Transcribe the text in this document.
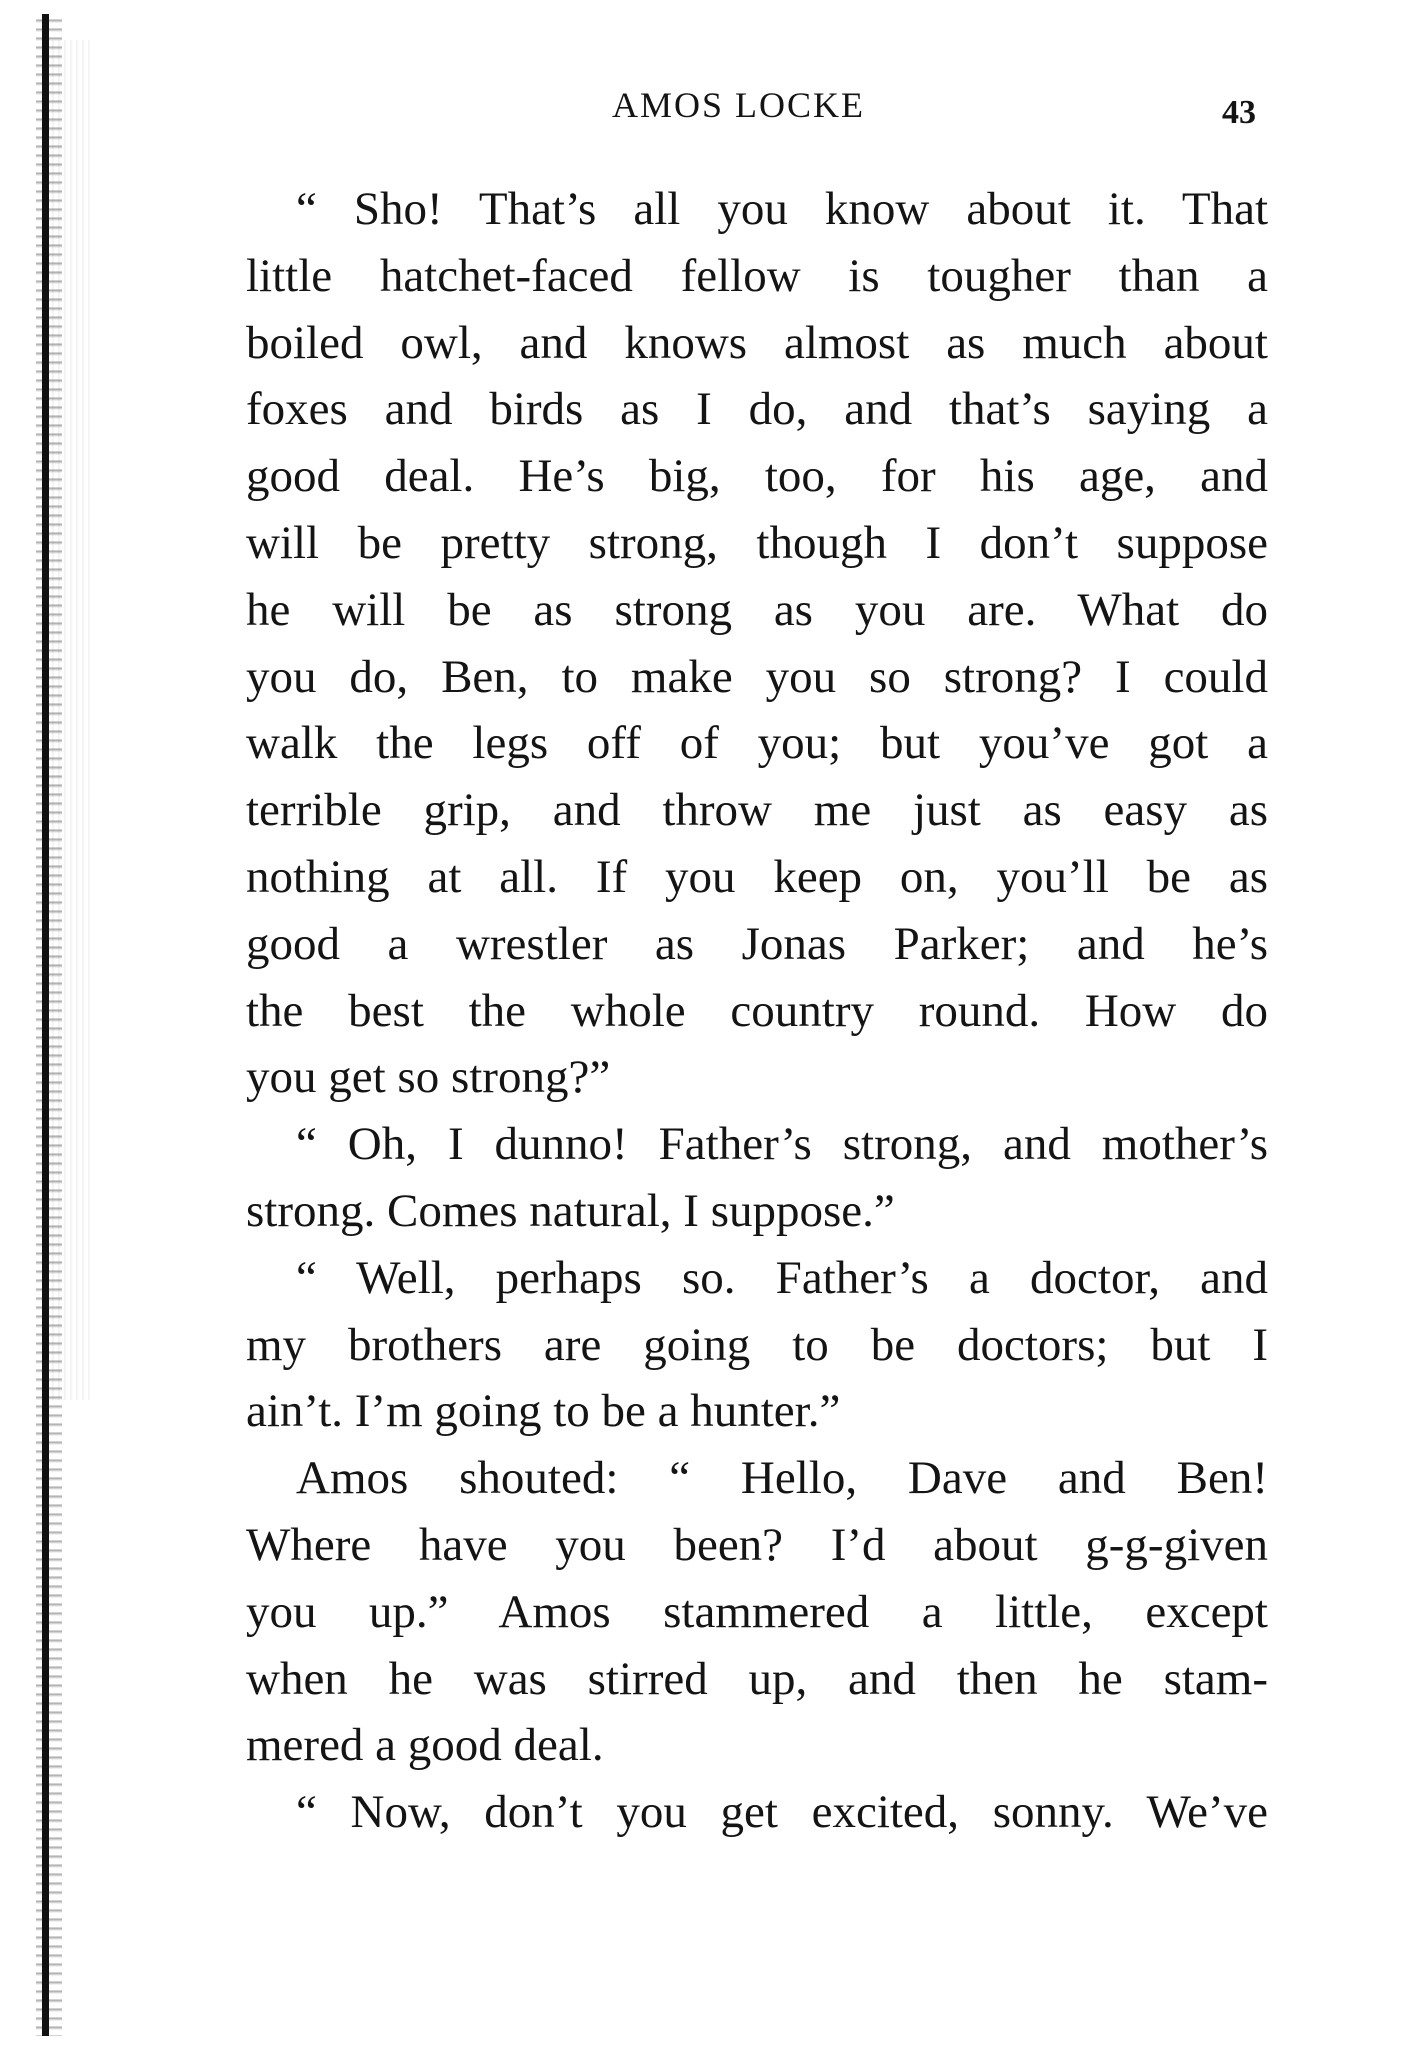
AMOS LOCKE	43
“ Sho! That’s all you know about it. That
little hatchet-faced fellow is tougher than a
boiled owl, and knows almost as much about
foxes and birds as I do, and that’s saying a
good deal. He’s big, too, for his age, and
will be pretty strong, though I don’t suppose
he will be as strong as you are. What do
you do, Ben, to make you so strong? I could
walk the legs off of you; but you’ve got a
terrible grip, and throw me just as easy as
nothing at all. If you keep on, you’ll be as
good a wrestler as Jonas Parker; and he’s
the best the whole country round. How do
you get so strong?”
“ Oh, I dunno! Father’s strong, and mother’s
strong. Comes natural, I suppose.”
“ Well, perhaps so. Father’s a doctor, and
my brothers are going to be doctors; but I
ain’t. I’m going to be a hunter.”
Amos shouted: “ Hello, Dave and Ben!
Where have you been? I’d about g-g-given
you up.” Amos stammered a little, except
when he was stirred up, and then he stam-
mered a good deal.
“ Now, don’t you get excited, sonny. We’ve
